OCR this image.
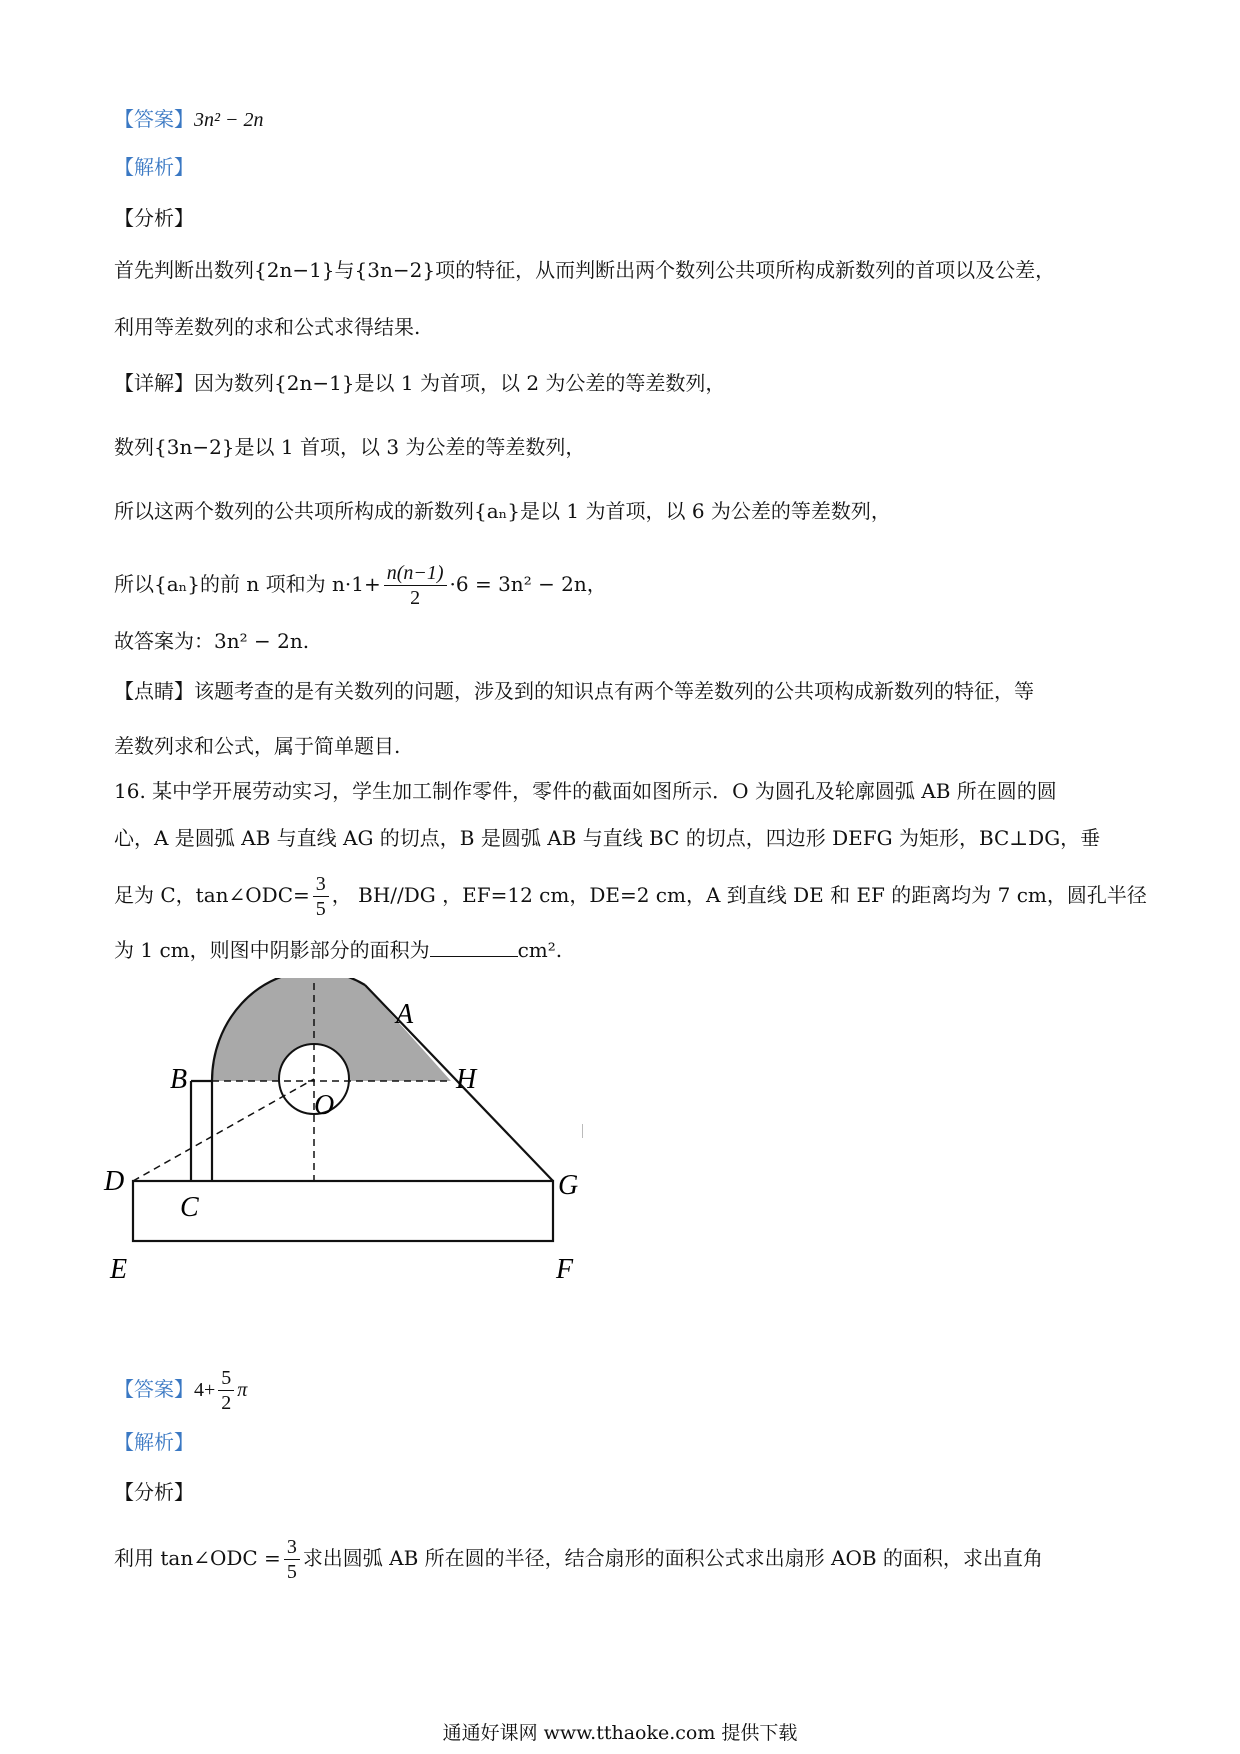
【答案】3n² − 2n
【解析】
【分析】
首先判断出数列{2n−1}与{3n−2}项的特征，从而判断出两个数列公共项所构成新数列的首项以及公差，
利用等差数列的求和公式求得结果.
【详解】因为数列{2n−1}是以 1 为首项，以 2 为公差的等差数列，
数列{3n−2}是以 1 首项，以 3 为公差的等差数列，
所以这两个数列的公共项所构成的新数列{aₙ}是以 1 为首项，以 6 为公差的等差数列，
所以{aₙ}的前 n 项和为 $n\cdot 1+ \frac{n(n-1)}{2} \cdot 6 = 3n^2 - 2n$，
故答案为：3n² − 2n.
【点睛】该题考查的是有关数列的问题，涉及到的知识点有两个等差数列的公共项构成新数列的特征，等
差数列求和公式，属于简单题目.
16. 某中学开展劳动实习，学生加工制作零件，零件的截面如图所示．O 为圆孔及轮廓圆弧 AB 所在圆的圆
心，A 是圆弧 AB 与直线 AG 的切点，B 是圆弧 AB 与直线 BC 的切点，四边形 DEFG 为矩形，BC⊥DG，垂
足为 C，tan∠ODC= $\frac{3}{5}$ ， BH//DG ，EF=12 cm，DE=2 cm，A 到直线 DE 和 EF 的距离均为 7 cm，圆孔半径
为 1 cm，则图中阴影部分的面积为	cm².
A
B	H
O
D
C
G
E	F
【答案】$4+ \frac{5}{2}$ π
【解析】
【分析】
利用 tan∠ODC = $\frac{3}{5}$ 求出圆弧 AB 所在圆的半径，结合扇形的面积公式求出扇形 AOB 的面积，求出直角
通通好课网 www.tthaoke.com 提供下载
